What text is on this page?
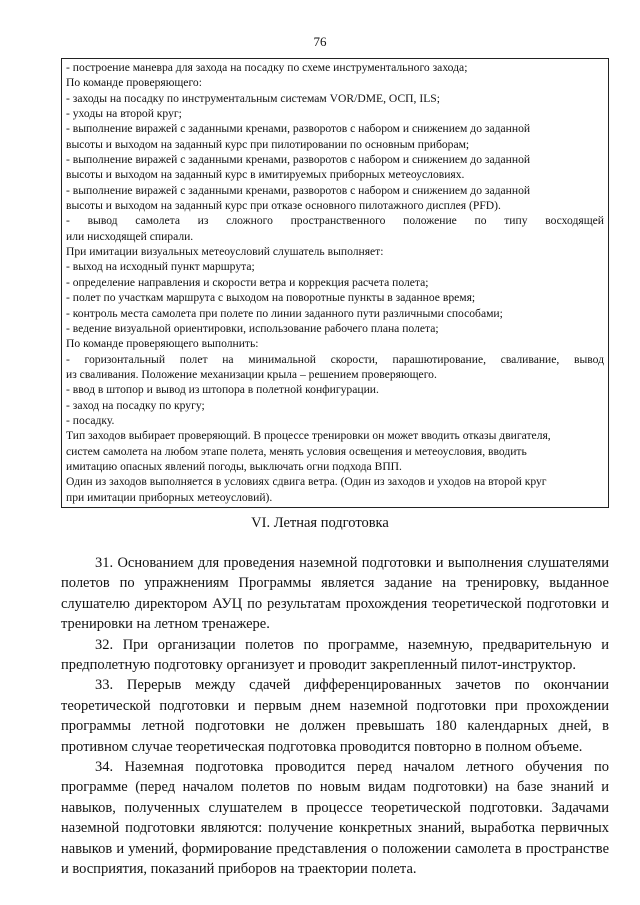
76
- построение маневра для захода на посадку по схеме инструментального захода;
По команде проверяющего:
- заходы на посадку по инструментальным системам VOR/DME, ОСП, ILS;
- уходы на второй круг;
- выполнение виражей с заданными кренами, разворотов с набором и снижением до заданной
высоты и выходом на заданный курс при пилотировании по основным приборам;
- выполнение виражей с заданными кренами, разворотов с набором и снижением до заданной
высоты и выходом на заданный курс в имитируемых приборных метеоусловиях.
- выполнение виражей с заданными кренами, разворотов с набором и снижением до заданной
высоты и выходом на заданный курс при отказе основного пилотажного дисплея (PFD).
- вывод самолета из сложного пространственного положение по типу восходящей
или нисходящей спирали.
При имитации визуальных метеоусловий слушатель выполняет:
- выход на исходный пункт маршрута;
- определение направления и скорости ветра и коррекция расчета полета;
- полет по участкам маршрута с выходом на поворотные пункты в заданное время;
- контроль места самолета при полете по линии заданного пути различными способами;
- ведение визуальной ориентировки, использование рабочего плана полета;
По команде проверяющего выполнить:
- горизонтальный полет на минимальной скорости, парашютирование, сваливание, вывод
из сваливания. Положение механизации крыла – решением проверяющего.
- ввод в штопор и вывод из штопора в полетной конфигурации.
- заход на посадку по кругу;
- посадку.
Тип заходов выбирает проверяющий. В процессе тренировки он может вводить отказы двигателя,
систем самолета на любом этапе полета, менять условия освещения и метеоусловия, вводить
имитацию опасных явлений погоды, выключать огни подхода ВПП.
Один из заходов выполняется в условиях сдвига ветра. (Один из заходов и уходов на второй круг
при имитации приборных метеоусловий).
VI. Летная подготовка

31. Основанием для проведения наземной подготовки и выполнения слушателями полетов по упражнениям Программы является задание на тренировку, выданное слушателю директором АУЦ по результатам прохождения теоретической подготовки и тренировки на летном тренажере.

32. При организации полетов по программе, наземную, предварительную и предполетную подготовку организует и проводит закрепленный пилот-инструктор.

33. Перерыв между сдачей дифференцированных зачетов по окончании теоретической подготовки и первым днем наземной подготовки при прохождении программы летной подготовки не должен превышать 180 календарных дней, в противном случае теоретическая подготовка проводится повторно в полном объеме.

34. Наземная подготовка проводится перед началом летного обучения по программе (перед началом полетов по новым видам подготовки) на базе знаний и навыков, полученных слушателем в процессе теоретической подготовки. Задачами наземной подготовки являются: получение конкретных знаний, выработка первичных навыков и умений, формирование представления о положении самолета в пространстве и восприятия, показаний приборов на траектории полета.
